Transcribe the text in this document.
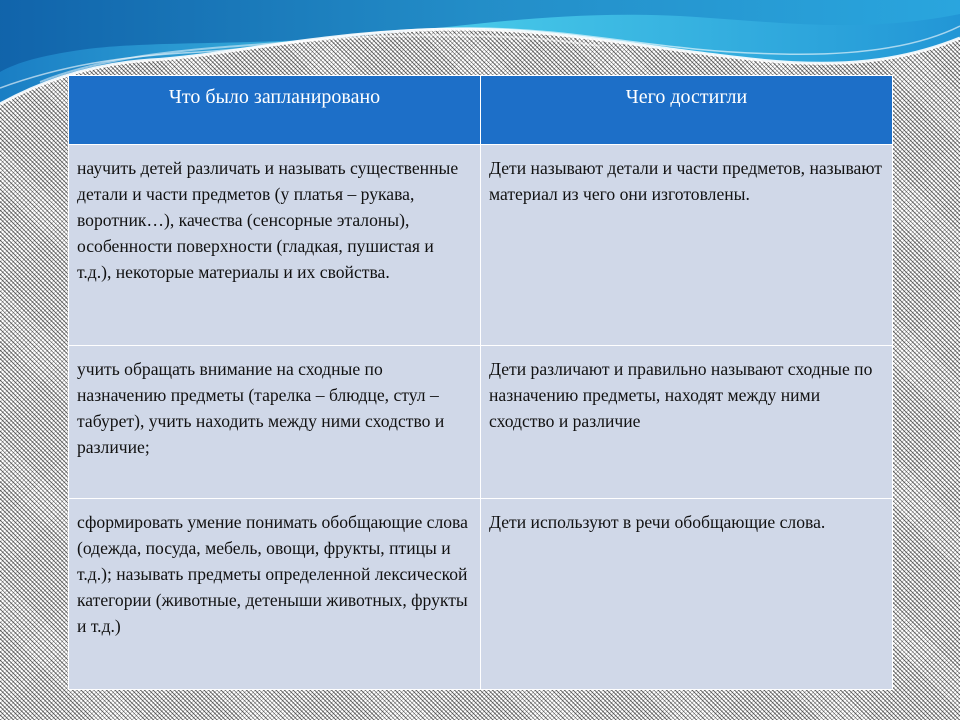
Что было запланировано	Чего достигли

научить детей различать и называть существенные детали и части предметов (у платья – рукава, воротник…), качества (сенсорные эталоны), особенности поверхности (гладкая, пушистая и т.д.), некоторые материалы и их свойства.	Дети называют детали и части предметов, называют материал из чего они изготовлены.

учить обращать внимание на сходные по назначению предметы (тарелка – блюдце, стул – табурет), учить находить между ними сходство и различие;	Дети различают и правильно называют сходные по назначению предметы, находят между ними сходство и различие

сформировать умение понимать обобщающие слова (одежда, посуда, мебель, овощи, фрукты, птицы и т.д.); называть предметы определенной лексической категории (животные, детеныши животных, фрукты и т.д.)	Дети используют в речи обобщающие слова.
